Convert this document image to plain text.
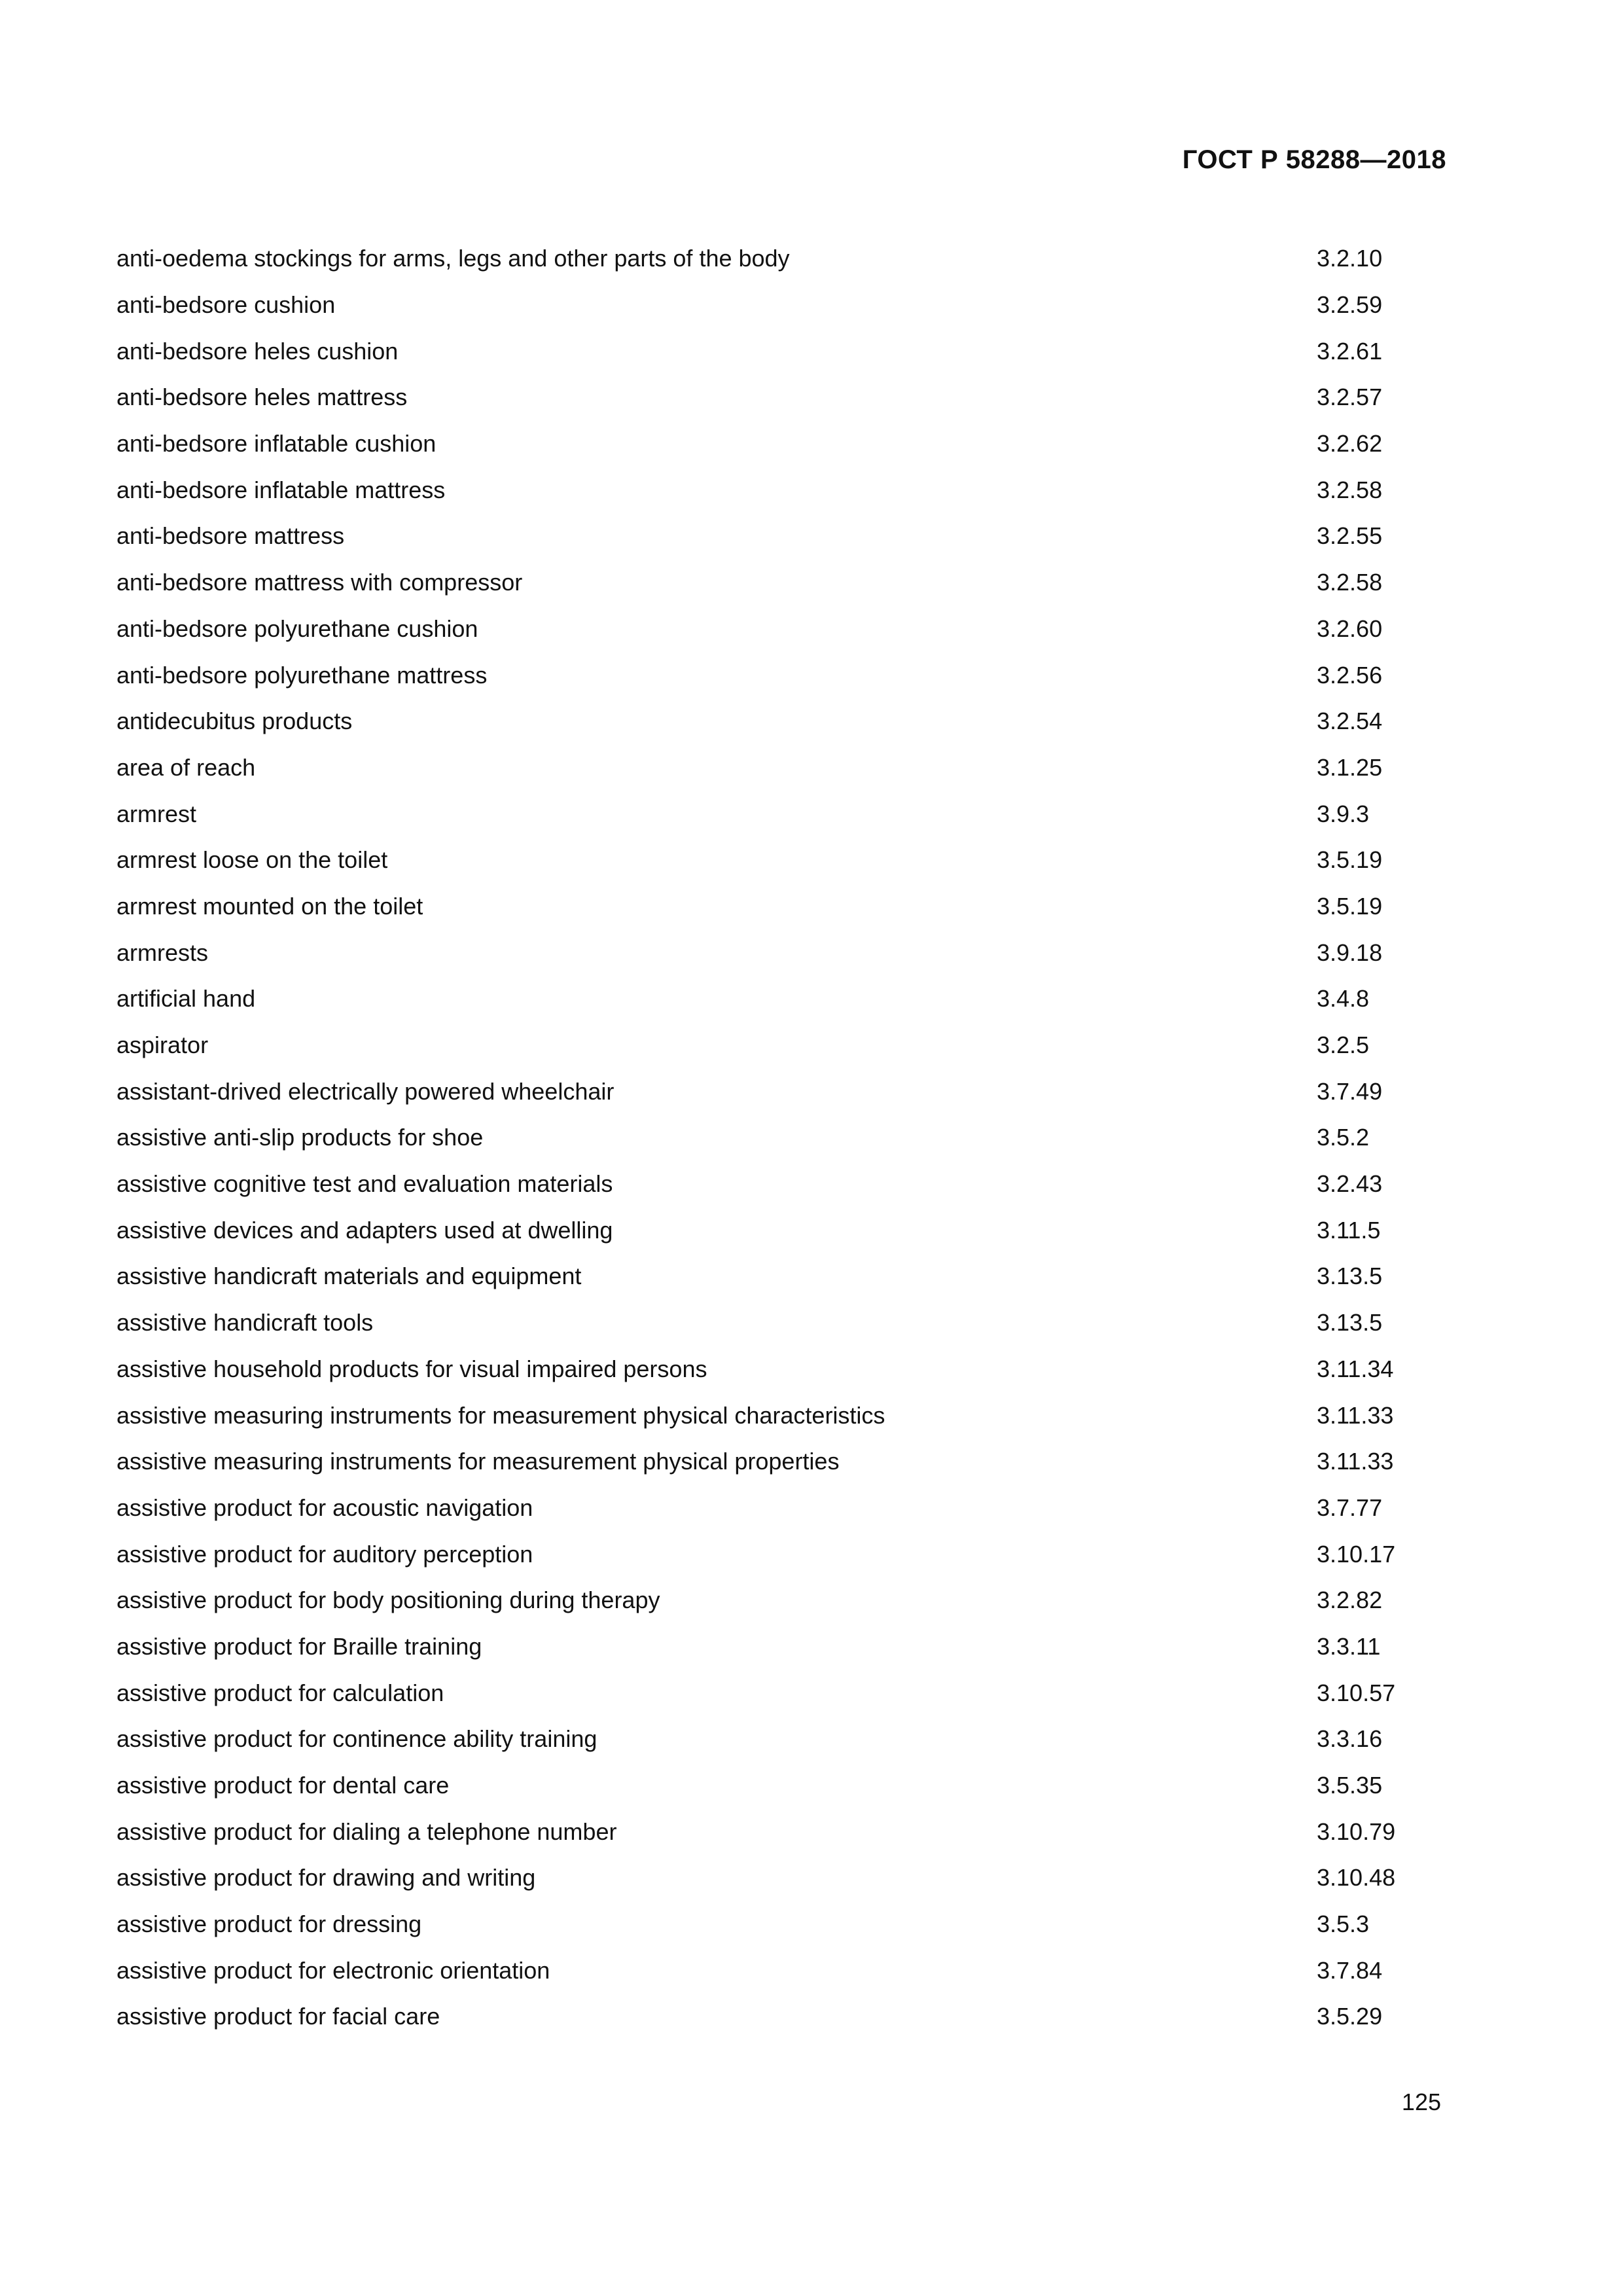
ГОСТ Р 58288—2018
anti-oedema stockings for arms, legs and other parts of the body	3.2.10
anti-bedsore cushion	3.2.59
anti-bedsore heles cushion	3.2.61
anti-bedsore heles mattress	3.2.57
anti-bedsore inflatable cushion	3.2.62
anti-bedsore inflatable mattress	3.2.58
anti-bedsore mattress	3.2.55
anti-bedsore mattress with compressor	3.2.58
anti-bedsore polyurethane cushion	3.2.60
anti-bedsore polyurethane mattress	3.2.56
antidecubitus products	3.2.54
area of reach	3.1.25
armrest	3.9.3
armrest loose on the toilet	3.5.19
armrest mounted on the toilet	3.5.19
armrests	3.9.18
artificial hand	3.4.8
aspirator	3.2.5
assistant-drived electrically powered wheelchair	3.7.49
assistive anti-slip products for shoe	3.5.2
assistive cognitive test and evaluation materials	3.2.43
assistive devices and adapters used at dwelling	3.11.5
assistive handicraft materials and equipment	3.13.5
assistive handicraft tools	3.13.5
assistive household products for visual impaired persons	3.11.34
assistive measuring instruments for measurement physical characteristics	3.11.33
assistive measuring instruments for measurement physical properties	3.11.33
assistive product for acoustic navigation	3.7.77
assistive product for auditory perception	3.10.17
assistive product for body positioning during therapy	3.2.82
assistive product for Braille training	3.3.11
assistive product for calculation	3.10.57
assistive product for continence ability training	3.3.16
assistive product for dental care	3.5.35
assistive product for dialing a telephone number	3.10.79
assistive product for drawing and writing	3.10.48
assistive product for dressing	3.5.3
assistive product for electronic orientation	3.7.84
assistive product for facial care	3.5.29
125
